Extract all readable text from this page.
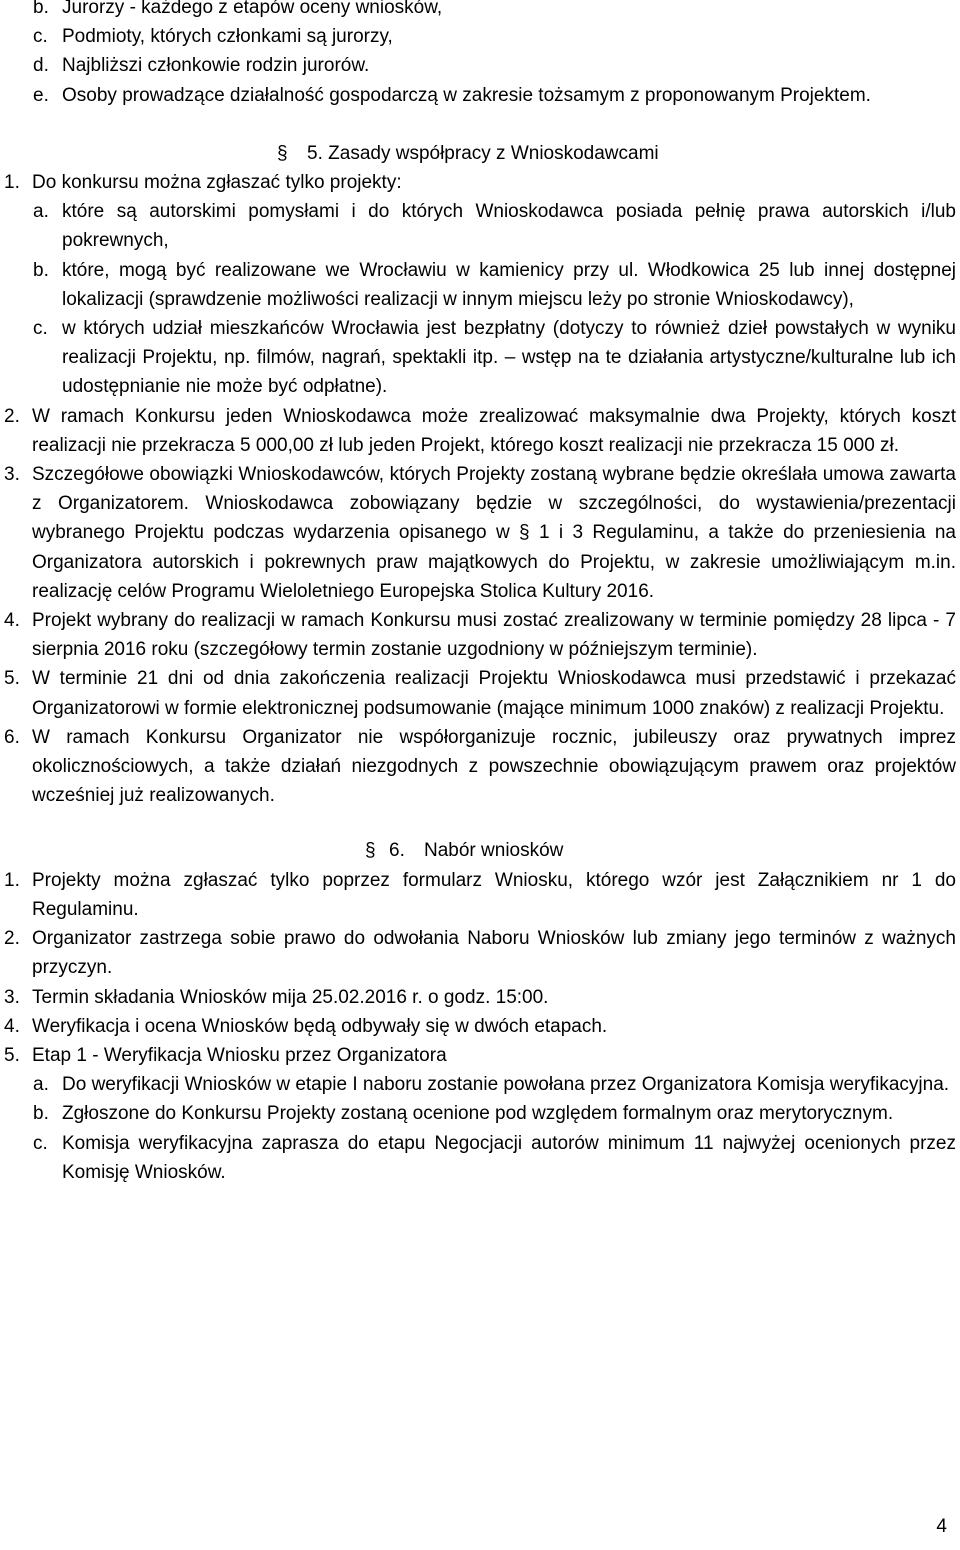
b. Jurorzy - każdego z etapów oceny wniosków,
c. Podmioty, których członkami są jurorzy,
d. Najbliższi członkowie rodzin jurorów.
e. Osoby prowadzące działalność gospodarczą w zakresie tożsamym z proponowanym Projektem.
§ 5. Zasady współpracy z Wnioskodawcami
1. Do konkursu można zgłaszać tylko projekty:
a. które są autorskimi pomysłami i do których Wnioskodawca posiada pełnię prawa autorskich i/lub pokrewnych,
b. które, mogą być realizowane we Wrocławiu w kamienicy przy ul. Włodkowica 25 lub innej dostępnej lokalizacji (sprawdzenie możliwości realizacji w innym miejscu leży po stronie Wnioskodawcy),
c. w których udział mieszkańców Wrocławia jest bezpłatny (dotyczy to również dzieł powstałych w wyniku realizacji Projektu, np. filmów, nagrań, spektakli itp. – wstęp na te działania artystyczne/kulturalne lub ich udostępnianie nie może być odpłatne).
2. W ramach Konkursu jeden Wnioskodawca może zrealizować maksymalnie dwa Projekty, których koszt realizacji nie przekracza 5 000,00 zł lub jeden Projekt, którego koszt realizacji nie przekracza 15 000 zł.
3. Szczegółowe obowiązki Wnioskodawców, których Projekty zostaną wybrane będzie określała umowa zawarta z Organizatorem. Wnioskodawca zobowiązany będzie w szczególności, do wystawienia/prezentacji wybranego Projektu podczas wydarzenia opisanego w § 1 i 3 Regulaminu, a także do przeniesienia na Organizatora autorskich i pokrewnych praw majątkowych do Projektu, w zakresie umożliwiającym m.in. realizację celów Programu Wieloletniego Europejska Stolica Kultury 2016.
4. Projekt wybrany do realizacji w ramach Konkursu musi zostać zrealizowany w terminie pomiędzy 28 lipca - 7 sierpnia 2016 roku (szczegółowy termin zostanie uzgodniony w późniejszym terminie).
5. W terminie 21 dni od dnia zakończenia realizacji Projektu Wnioskodawca musi przedstawić i przekazać Organizatorowi w formie elektronicznej podsumowanie (mające minimum 1000 znaków) z realizacji Projektu.
6. W ramach Konkursu Organizator nie współorganizuje rocznic, jubileuszy oraz prywatnych imprez okolicznościowych, a także działań niezgodnych z powszechnie obowiązującym prawem oraz projektów wcześniej już realizowanych.
§ 6. Nabór wniosków
1. Projekty można zgłaszać tylko poprzez formularz Wniosku, którego wzór jest Załącznikiem nr 1 do Regulaminu.
2. Organizator zastrzega sobie prawo do odwołania Naboru Wniosków lub zmiany jego terminów z ważnych przyczyn.
3. Termin składania Wniosków mija 25.02.2016 r. o godz. 15:00.
4. Weryfikacja i ocena Wniosków będą odbywały się w dwóch etapach.
5. Etap 1 - Weryfikacja Wniosku przez Organizatora
a. Do weryfikacji Wniosków w etapie I naboru zostanie powołana przez Organizatora Komisja weryfikacyjna.
b. Zgłoszone do Konkursu Projekty zostaną ocenione pod względem formalnym oraz merytorycznym.
c. Komisja weryfikacyjna zaprasza do etapu Negocjacji autorów minimum 11 najwyżej ocenionych przez Komisję Wniosków.
4
